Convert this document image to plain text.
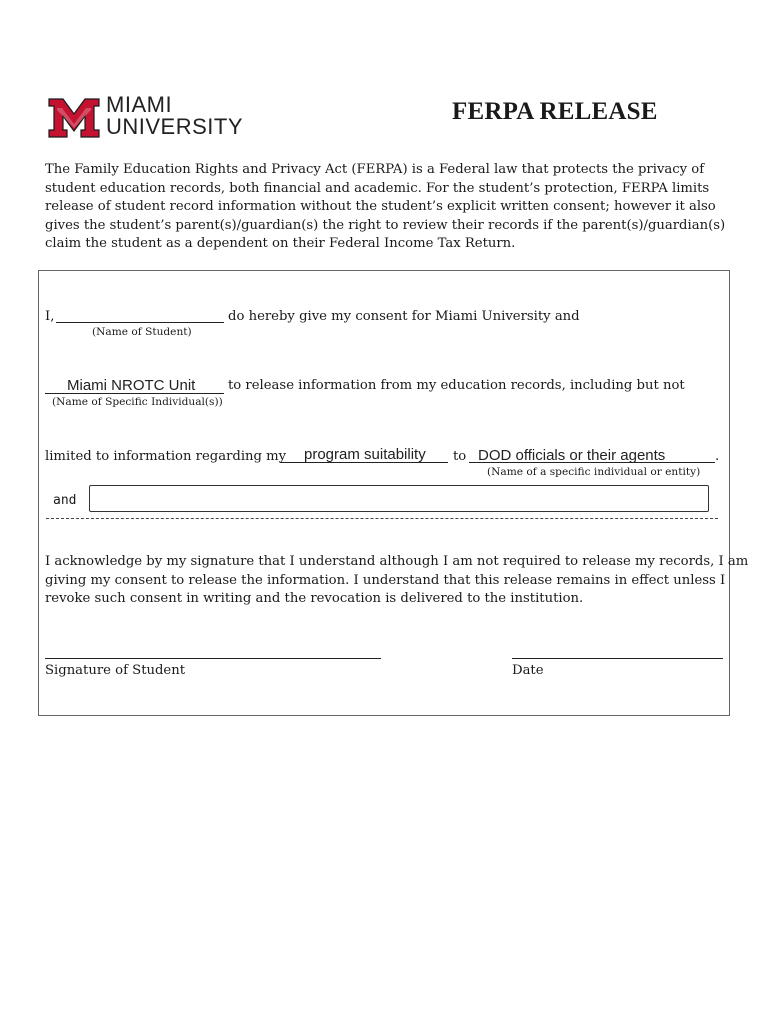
MIAMI
UNIVERSITY
FERPA RELEASE

The Family Education Rights and Privacy Act (FERPA) is a Federal law that protects the privacy of

student education records, both financial and academic. For the student’s protection, FERPA limits

release of student record information without the student’s explicit written consent; however it also

gives the student’s parent(s)/guardian(s) the right to review their records if the parent(s)/guardian(s)

claim the student as a dependent on their Federal Income Tax Return.

I,	do hereby give my consent for Miami University and
(Name of Student)
Miami NROTC Unit to release information from my education records, including but not
(Name of Specific Individual(s))
limited to information regarding my program suitability to DOD officials or their agents	.
(Name of a specific individual or entity)
and
I acknowledge by my signature that I understand although I am not required to release my records, I am
giving my consent to release the information. I understand that this release remains in effect unless I
revoke such consent in writing and the revocation is delivered to the institution.
Signature of Student	Date
